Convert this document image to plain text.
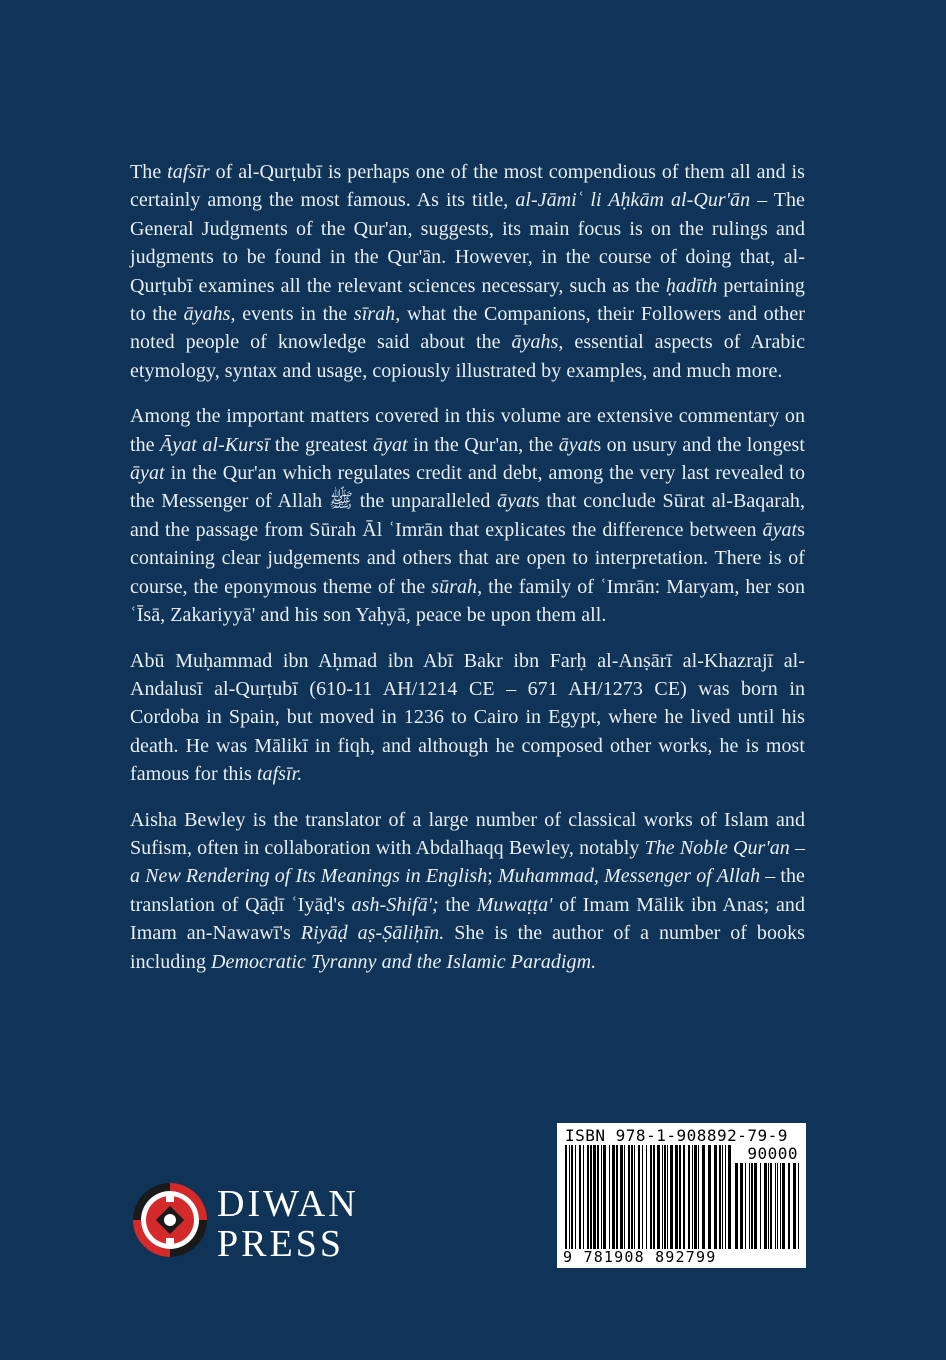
The tafsīr of al-Qurṭubī is perhaps one of the most compendious of them all and is certainly among the most famous. As its title, al-Jāmiʿ li Aḥkām al-Qur'ān – The General Judgments of the Qur'an, suggests, its main focus is on the rulings and judgments to be found in the Qur'ān. However, in the course of doing that, al-Qurṭubī examines all the relevant sciences necessary, such as the ḥadīth pertaining to the āyahs, events in the sīrah, what the Companions, their Followers and other noted people of knowledge said about the āyahs, essential aspects of Arabic etymology, syntax and usage, copiously illustrated by examples, and much more.

Among the important matters covered in this volume are extensive commentary on the Āyat al-Kursī the greatest āyat in the Qur'an, the āyats on usury and the longest āyat in the Qur'an which regulates credit and debt, among the very last revealed to the Messenger of Allah ﷺ the unparalleled āyats that conclude Sūrat al-Baqarah, and the passage from Sūrah Āl ʿImrān that explicates the difference between āyats containing clear judgements and others that are open to interpretation. There is of course, the eponymous theme of the sūrah, the family of ʿImrān: Maryam, her son ʿĪsā, Zakariyyā' and his son Yaḥyā, peace be upon them all.

Abū Muḥammad ibn Aḥmad ibn Abī Bakr ibn Farḥ al-Anṣārī al-Khazrajī al-Andalusī al-Qurṭubī (610-11 AH/1214 CE – 671 AH/1273 CE) was born in Cordoba in Spain, but moved in 1236 to Cairo in Egypt, where he lived until his death. He was Mālikī in fiqh, and although he composed other works, he is most famous for this tafsīr.

Aisha Bewley is the translator of a large number of classical works of Islam and Sufism, often in collaboration with Abdalhaqq Bewley, notably The Noble Qur'an – a New Rendering of Its Meanings in English; Muhammad, Messenger of Allah – the translation of Qāḍī ʿIyāḍ's ash-Shifā'; the Muwaṭṭa' of Imam Mālik ibn Anas; and Imam an-Nawawī's Riyāḍ aṣ-Ṣāliḥīn. She is the author of a number of books including Democratic Tyranny and the Islamic Paradigm.

DIWAN
PRESS
ISBN 978-1-908892-79-9
90000
9 781908 892799
